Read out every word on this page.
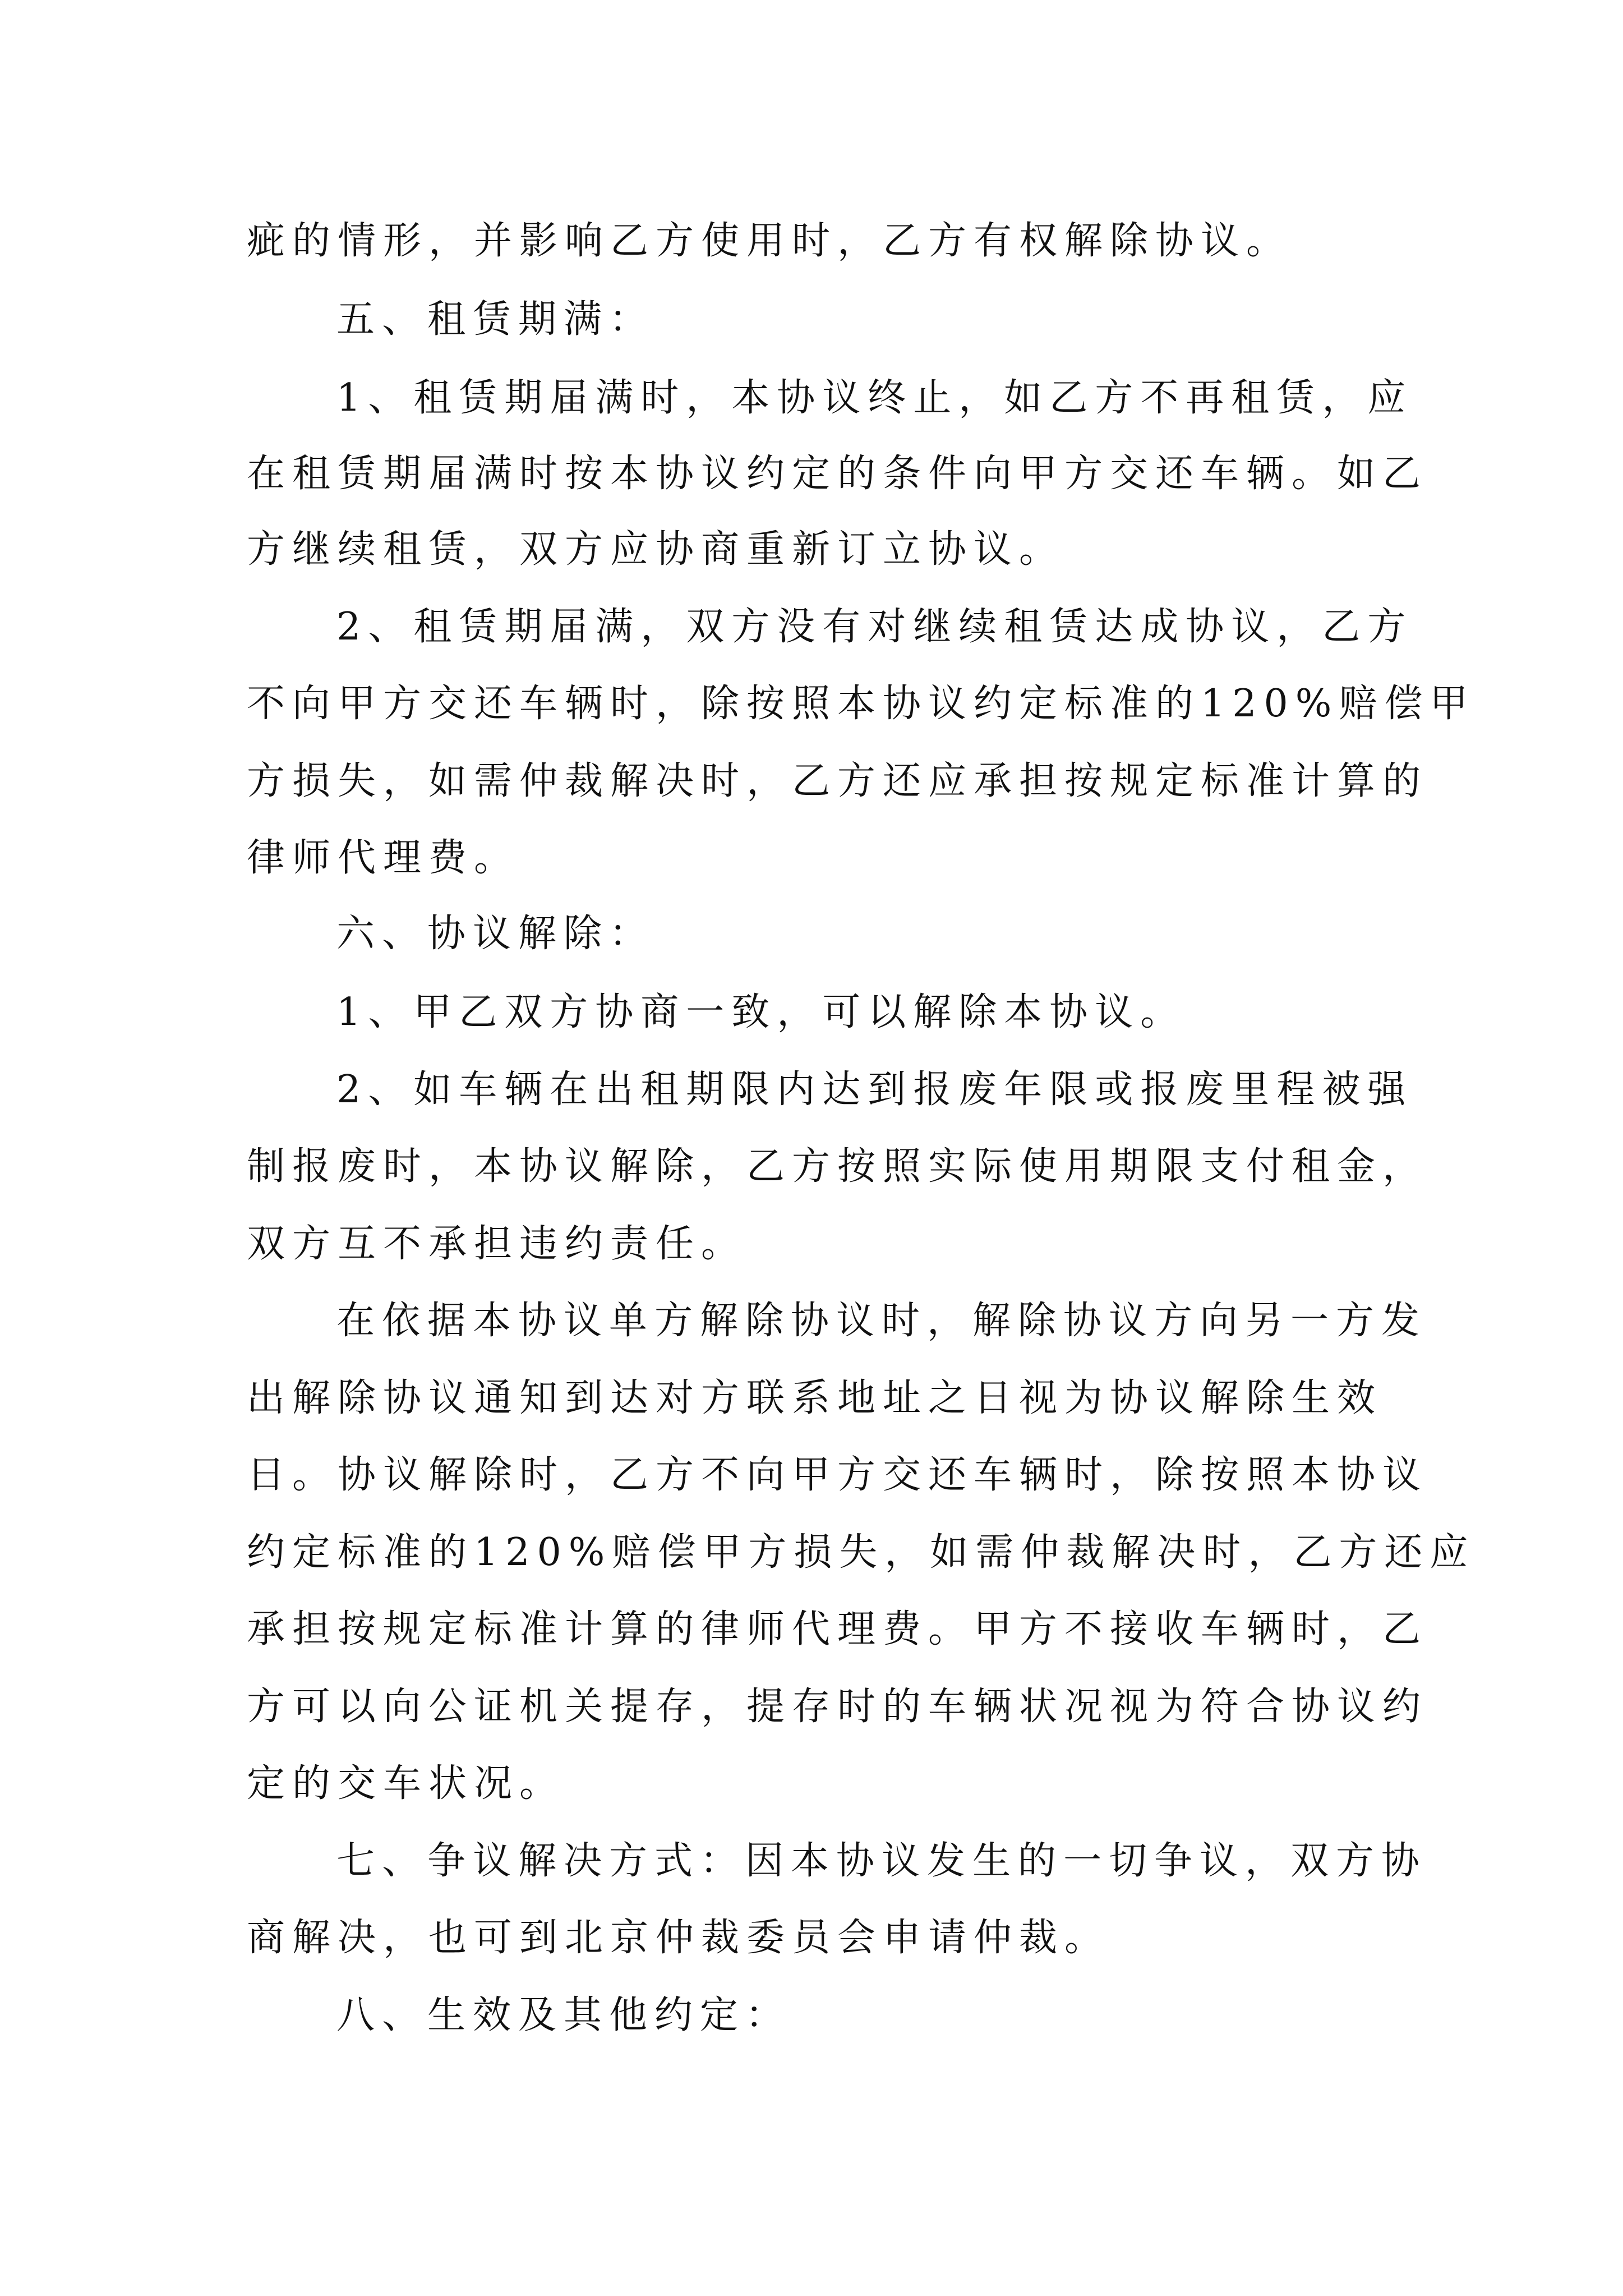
疵的情形，并影响乙方使用时，乙方有权解除协议。

五、租赁期满：

1、租赁期届满时，本协议终止，如乙方不再租赁，应

在租赁期届满时按本协议约定的条件向甲方交还车辆。如乙

方继续租赁，双方应协商重新订立协议。

2、租赁期届满，双方没有对继续租赁达成协议，乙方

不向甲方交还车辆时，除按照本协议约定标准的120%赔偿甲

方损失，如需仲裁解决时，乙方还应承担按规定标准计算的

律师代理费。

六、协议解除：

1、甲乙双方协商一致，可以解除本协议。

2、如车辆在出租期限内达到报废年限或报废里程被强

制报废时，本协议解除，乙方按照实际使用期限支付租金，

双方互不承担违约责任。

在依据本协议单方解除协议时，解除协议方向另一方发

出解除协议通知到达对方联系地址之日视为协议解除生效

日。协议解除时，乙方不向甲方交还车辆时，除按照本协议

约定标准的120%赔偿甲方损失，如需仲裁解决时，乙方还应

承担按规定标准计算的律师代理费。甲方不接收车辆时，乙

方可以向公证机关提存，提存时的车辆状况视为符合协议约

定的交车状况。

七、争议解决方式：因本协议发生的一切争议，双方协

商解决，也可到北京仲裁委员会申请仲裁。

八、生效及其他约定：
